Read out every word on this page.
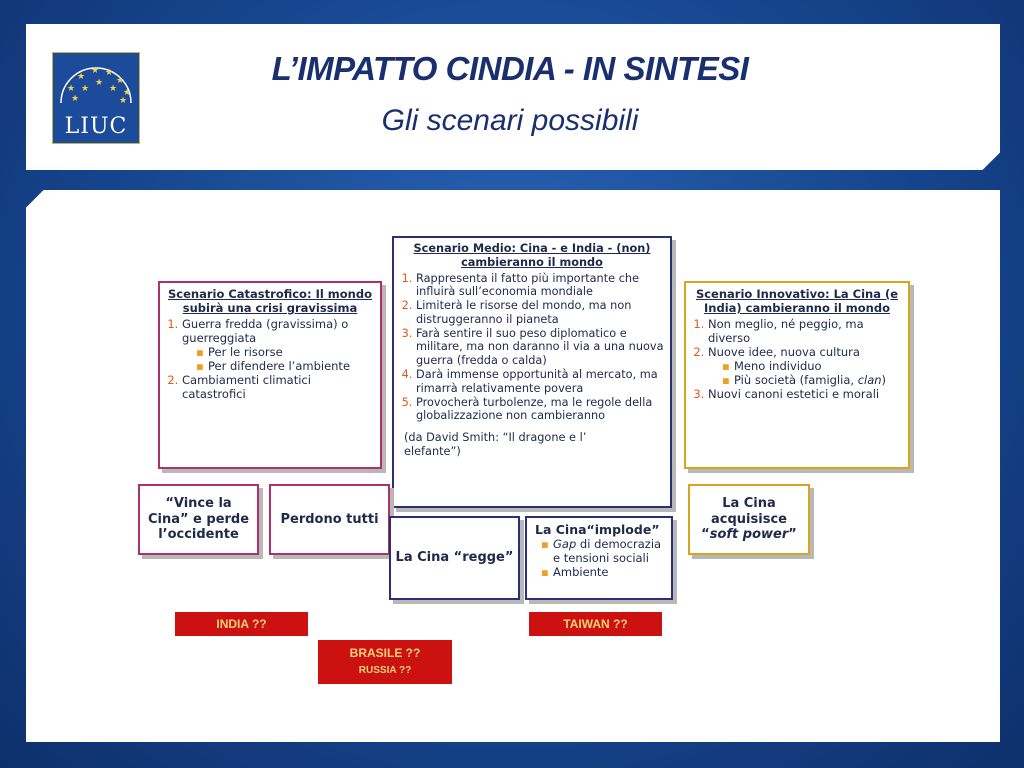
★
★
★ ★
★
★
★
★
★
★	★
LIUC
L’IMPATTO CINDIA - IN SINTESI
Gli scenari possibili
Scenario Catastrofico: Il mondo subirà una crisi gravissima
1. Guerra fredda (gravissima) o guerreggiata
▪ Per le risorse
▪ Per difendere l’ambiente
2. Cambiamenti climatici catastrofici
Scenario Medio: Cina - e India - (non) cambieranno il mondo
1. Rappresenta il fatto più importante che influirà sull’economia mondiale
2. Limiterà le risorse del mondo, ma non distruggeranno il pianeta
3. Farà sentire il suo peso diplomatico e militare, ma non daranno il via a una nuova guerra (fredda o calda)
4. Darà immense opportunità al mercato, ma rimarrà relativamente povera
5. Provocherà turbolenze, ma le regole della globalizzazione non cambieranno
(da David Smith: “Il dragone e l’ elefante”)
Scenario Innovativo: La Cina (e India) cambieranno il mondo
1. Non meglio, né peggio, ma diverso
2. Nuove idee, nuova cultura
▪ Meno individuo
▪ Più società (famiglia, clan)
3. Nuovi canoni estetici e morali
“Vince la Cina” e perde l’occidente
Perdono tutti
La Cina “regge”
La Cina“implode”
▪ Gap di democrazia e tensioni sociali
▪ Ambiente
La Cina acquisisce “soft power”
INDIA ??	TAIWAN ??
BRASILE ??
RUSSIA ??
